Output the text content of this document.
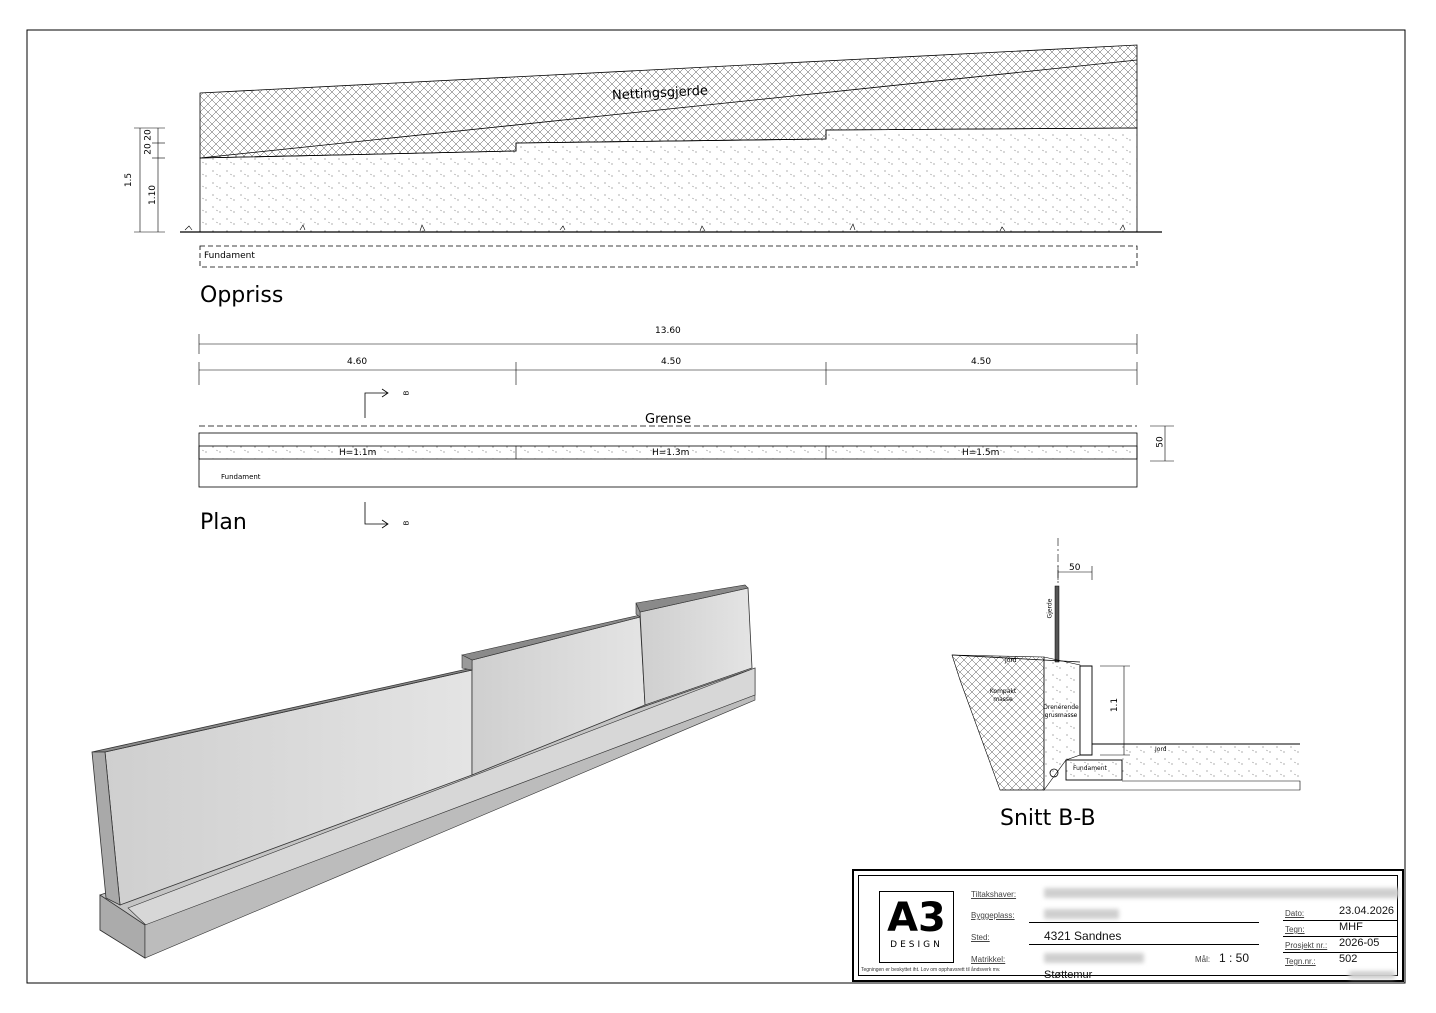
Nettingsgjerde
Fundament
1.5
20
20
1.10
Oppriss
13.60
4.60	4.50	4.50
B
B
Grense
H=1.1m	H=1.3m	H=1.5m
Fundament
50
Plan
50
1.1
Gjerde
Jord
Jord
Kompakt masse
Drenerende grusmasse
Fundament
Snitt B-B
A3
DESIGN
Tiltakshaver:
Byggeplass:
Sted:	4321 Sandnes
Matrikkel:	Mål: 1 : 50
Støttemur
Tegningen er beskyttet iht. Lov om opphavsrett til åndsverk mv.
Dato:	23.04.2026
Tegn:	MHF
Prosjekt nr.: 2026-05
Tegn.nr.: 502
